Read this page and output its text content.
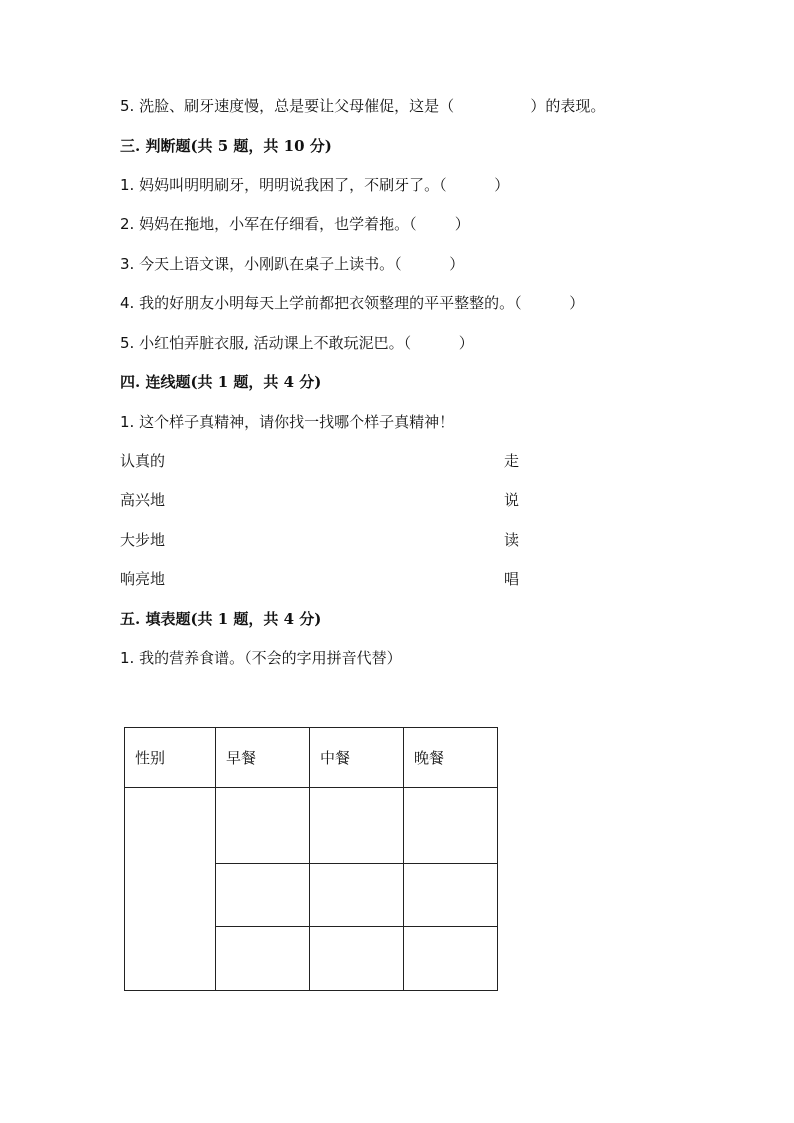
5. 洗脸、刷牙速度慢，总是要让父母催促，这是（                ）的表现。
三. 判断题(共 5 题，共 10 分)
1. 妈妈叫明明刷牙，明明说我困了，不刷牙了。（          ）
2. 妈妈在拖地，小军在仔细看，也学着拖。（        ）
3. 今天上语文课，小刚趴在桌子上读书。（          ）
4. 我的好朋友小明每天上学前都把衣领整理的平平整整的。（          ）
5. 小红怕弄脏衣服, 活动课上不敢玩泥巴。（          ）
四. 连线题(共 1 题，共 4 分)
1. 这个样子真精神，请你找一找哪个样子真精神！
认真的	走
高兴地	说
大步地	读
响亮地	唱
五. 填表题(共 1 题，共 4 分)
1. 我的营养食谱。（不会的字用拼音代替）
性别	早餐	中餐	晚餐
